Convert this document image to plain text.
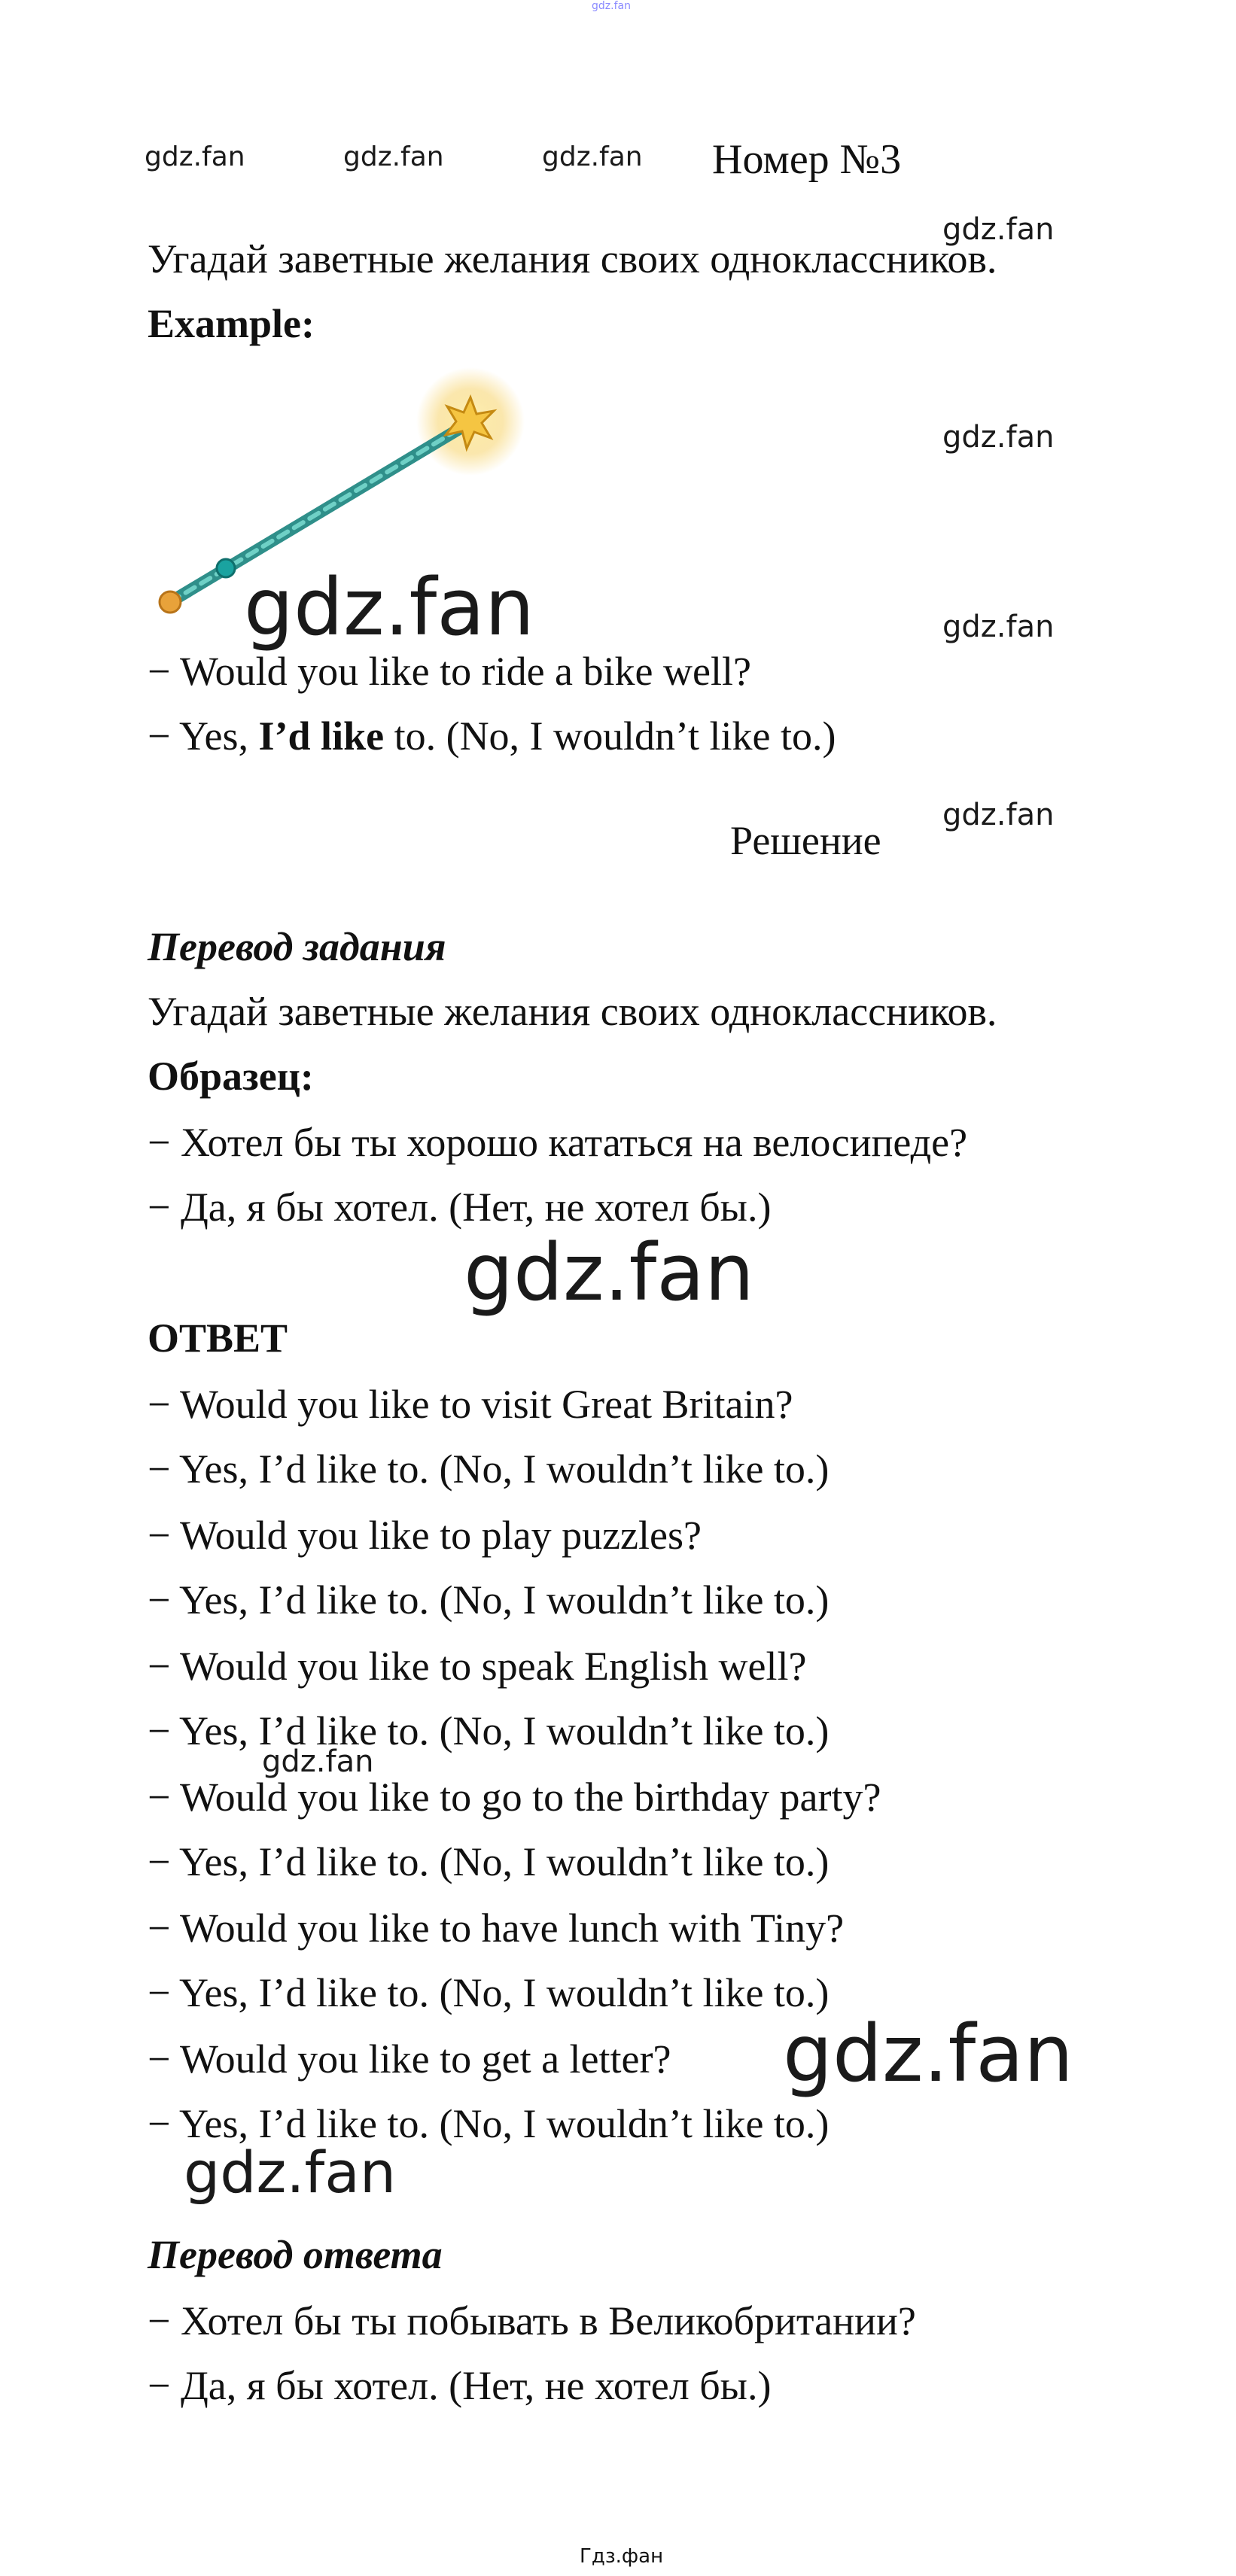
gdz.fan
gdz.fan	gdz.fan	gdz.fan Номер №3
gdz.fan
Угадай заветные желания своих одноклассников.
Example:
gdz.fan
gdz.fan	gdz.fan
− Would you like to ride a bike well?
− Yes, I’d like to. (No, I wouldn’t like to.)
gdz.fan
Решение
Перевод задания
Угадай заветные желания своих одноклассников.
Образец:
− Хотел бы ты хорошо кататься на велосипеде?
− Да, я бы хотел. (Нет, не хотел бы.)
gdz.fan
ОТВЕТ
− Would you like to visit Great Britain?
− Yes, I’d like to. (No, I wouldn’t like to.)
− Would you like to play puzzles?
− Yes, I’d like to. (No, I wouldn’t like to.)
− Would you like to speak English well?
− Yes, I’d like to. (No, I wouldn’t like to.)
gdz.fan
− Would you like to go to the birthday party?
− Yes, I’d like to. (No, I wouldn’t like to.)
− Would you like to have lunch with Tiny?
− Yes, I’d like to. (No, I wouldn’t like to.)
− Would you like to get a letter? gdz.fan
− Yes, I’d like to. (No, I wouldn’t like to.)
gdz.fan
Перевод ответа
− Хотел бы ты побывать в Великобритании?
− Да, я бы хотел. (Нет, не хотел бы.)
Гдз.фан
